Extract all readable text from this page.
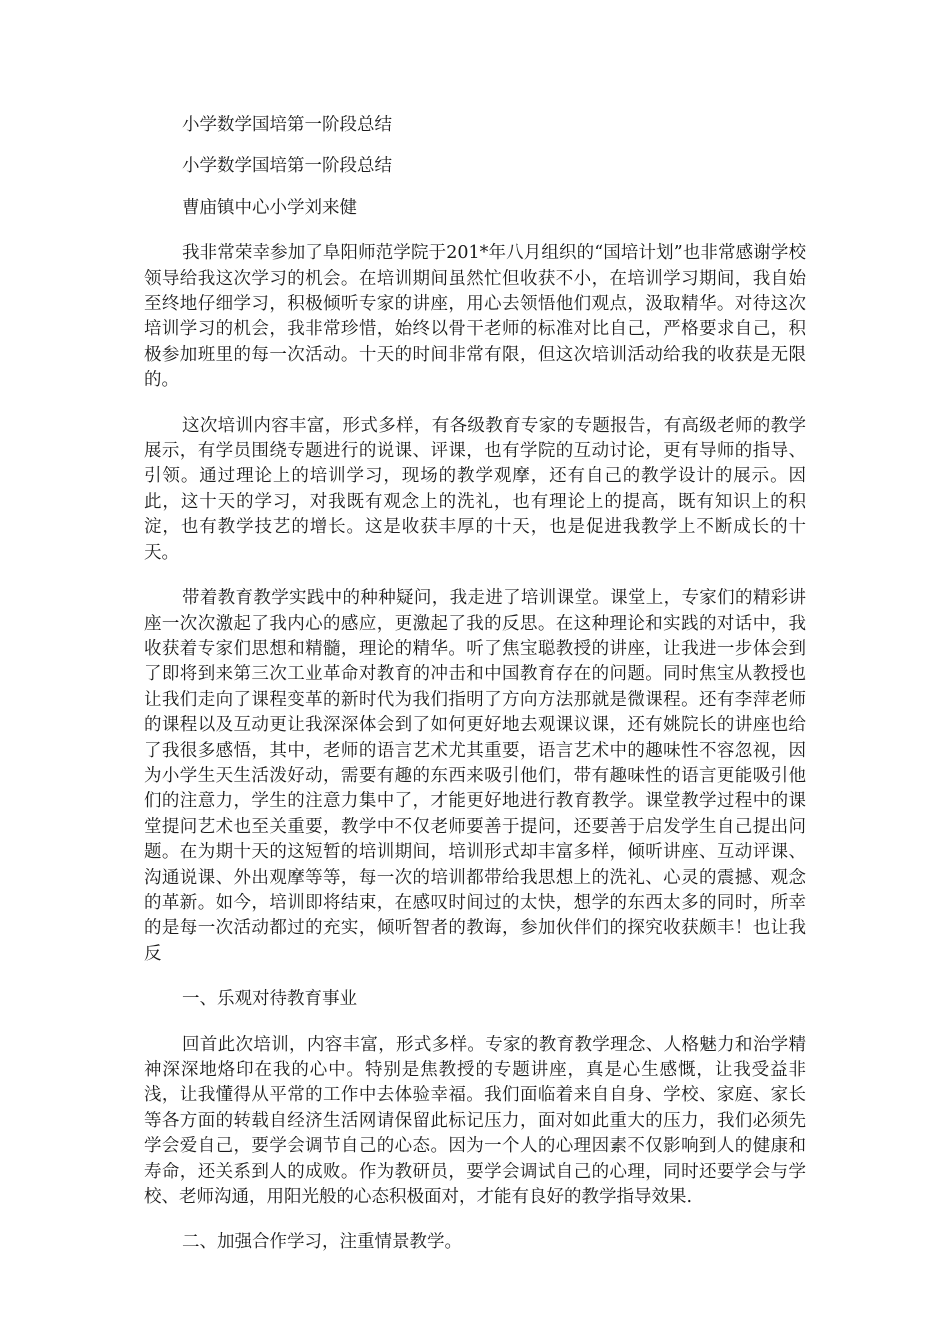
小学数学国培第一阶段总结

小学数学国培第一阶段总结

曹庙镇中心小学刘来健

我非常荣幸参加了阜阳师范学院于201*年八月组织的“国培计划”也非常感谢学校领导给我这次学习的机会。在培训期间虽然忙但收获不小，在培训学习期间，我自始至终地仔细学习，积极倾听专家的讲座，用心去领悟他们观点，汲取精华。对待这次培训学习的机会，我非常珍惜，始终以骨干老师的标准对比自己，严格要求自己，积极参加班里的每一次活动。十天的时间非常有限，但这次培训活动给我的收获是无限的。

这次培训内容丰富，形式多样，有各级教育专家的专题报告，有高级老师的教学展示，有学员围绕专题进行的说课、评课，也有学院的互动讨论，更有导师的指导、引领。通过理论上的培训学习，现场的教学观摩，还有自己的教学设计的展示。因此，这十天的学习，对我既有观念上的洗礼，也有理论上的提高，既有知识上的积淀，也有教学技艺的增长。这是收获丰厚的十天，也是促进我教学上不断成长的十天。

带着教育教学实践中的种种疑问，我走进了培训课堂。课堂上，专家们的精彩讲座一次次激起了我内心的感应，更激起了我的反思。在这种理论和实践的对话中，我收获着专家们思想和精髓，理论的精华。听了焦宝聪教授的讲座，让我进一步体会到了即将到来第三次工业革命对教育的冲击和中国教育存在的问题。同时焦宝从教授也让我们走向了课程变革的新时代为我们指明了方向方法那就是微课程。还有李萍老师的课程以及互动更让我深深体会到了如何更好地去观课议课，还有姚院长的讲座也给了我很多感悟，其中，老师的语言艺术尤其重要，语言艺术中的趣味性不容忽视，因为小学生天生活泼好动，需要有趣的东西来吸引他们，带有趣味性的语言更能吸引他们的注意力，学生的注意力集中了，才能更好地进行教育教学。课堂教学过程中的课堂提问艺术也至关重要，教学中不仅老师要善于提问，还要善于启发学生自己提出问题。在为期十天的这短暂的培训期间，培训形式却丰富多样，倾听讲座、互动评课、沟通说课、外出观摩等等，每一次的培训都带给我思想上的洗礼、心灵的震撼、观念的革新。如今，培训即将结束，在感叹时间过的太快，想学的东西太多的同时，所幸的是每一次活动都过的充实，倾听智者的教诲，参加伙伴们的探究收获颇丰！也让我反

一、乐观对待教育事业

回首此次培训，内容丰富，形式多样。专家的教育教学理念、人格魅力和治学精神深深地烙印在我的心中。特别是焦教授的专题讲座，真是心生感慨，让我受益非浅，让我懂得从平常的工作中去体验幸福。我们面临着来自自身、学校、家庭、家长等各方面的转载自经济生活网请保留此标记压力，面对如此重大的压力，我们必须先学会爱自己，要学会调节自己的心态。因为一个人的心理因素不仅影响到人的健康和寿命，还关系到人的成败。作为教研员，要学会调试自己的心理，同时还要学会与学校、老师沟通，用阳光般的心态积极面对，才能有良好的教学指导效果.

二、加强合作学习，注重情景教学。
